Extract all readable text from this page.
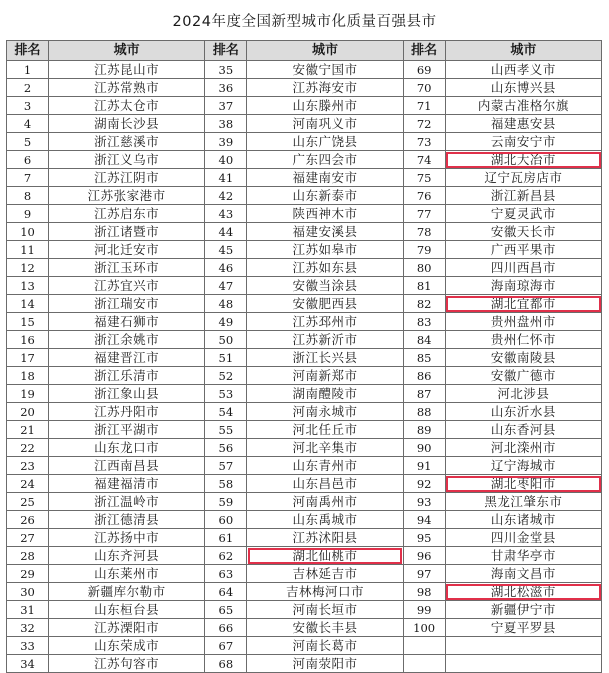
2024年度全国新型城市化质量百强县市
排名	城市	排名	城市	排名	城市
1	江苏昆山市	35	安徽宁国市	69	山西孝义市
2	江苏常熟市	36	江苏海安市	70	山东博兴县
3	江苏太仓市	37	山东滕州市	71	内蒙古准格尔旗
4	湖南长沙县	38	河南巩义市	72	福建惠安县
5	浙江慈溪市	39	山东广饶县	73	云南安宁市
6	浙江义乌市	40	广东四会市	74	湖北大冶市
7	江苏江阴市	41	福建南安市	75	辽宁瓦房店市
8	江苏张家港市	42	山东新泰市	76	浙江新昌县
9	江苏启东市	43	陕西神木市	77	宁夏灵武市
10	浙江诸暨市	44	福建安溪县	78	安徽天长市
11	河北迁安市	45	江苏如皋市	79	广西平果市
12	浙江玉环市	46	江苏如东县	80	四川西昌市
13	江苏宜兴市	47	安徽当涂县	81	海南琼海市
14	浙江瑞安市	48	安徽肥西县	82	湖北宜都市
15	福建石狮市	49	江苏邳州市	83	贵州盘州市
16	浙江余姚市	50	江苏新沂市	84	贵州仁怀市
17	福建晋江市	51	浙江长兴县	85	安徽南陵县
18	浙江乐清市	52	河南新郑市	86	安徽广德市
19	浙江象山县	53	湖南醴陵市	87	河北涉县
20	江苏丹阳市	54	河南永城市	88	山东沂水县
21	浙江平湖市	55	河北任丘市	89	山东香河县
22	山东龙口市	56	河北辛集市	90	河北滦州市
23	江西南昌县	57	山东青州市	91	辽宁海城市
24	福建福清市	58	山东昌邑市	92	湖北枣阳市
25	浙江温岭市	59	河南禹州市	93	黑龙江肇东市
26	浙江德清县	60	山东禹城市	94	山东诸城市
27	江苏扬中市	61	江苏沭阳县	95	四川金堂县
28	山东齐河县	62	湖北仙桃市	96	甘肃华亭市
29	山东莱州市	63	吉林延吉市	97	海南文昌市
30	新疆库尔勒市	64	吉林梅河口市	98	湖北松滋市
31	山东桓台县	65	河南长垣市	99	新疆伊宁市
32	江苏溧阳市	66	安徽长丰县	100	宁夏平罗县
33	山东荣成市	67	河南长葛市		
34	江苏句容市	68	河南荥阳市		
